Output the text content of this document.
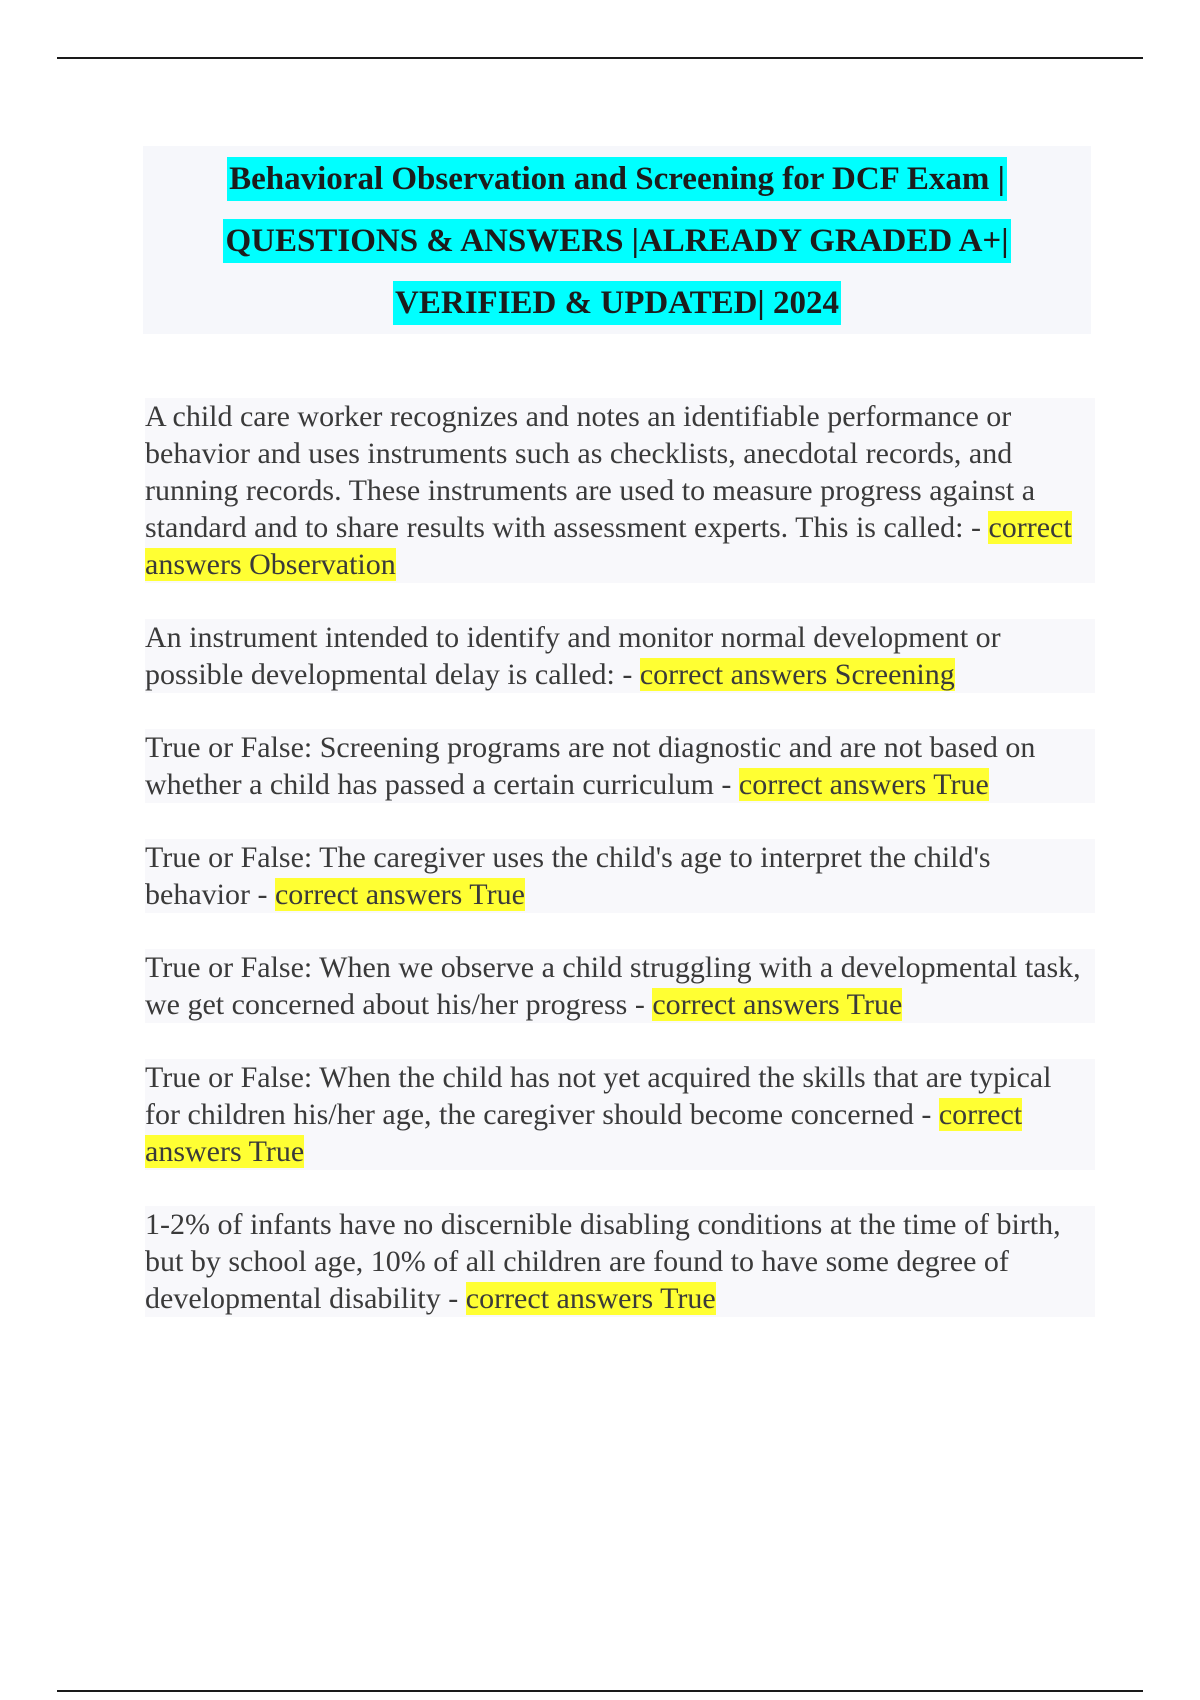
Behavioral Observation and Screening for DCF Exam |
QUESTIONS & ANSWERS |ALREADY GRADED A+|
VERIFIED & UPDATED| 2024

A child care worker recognizes and notes an identifiable performance or behavior and uses instruments such as checklists, anecdotal records, and running records. These instruments are used to measure progress against a standard and to share results with assessment experts. This is called: - correct answers Observation

An instrument intended to identify and monitor normal development or possible developmental delay is called: - correct answers Screening

True or False: Screening programs are not diagnostic and are not based on whether a child has passed a certain curriculum - correct answers True

True or False: The caregiver uses the child's age to interpret the child's behavior - correct answers True

True or False: When we observe a child struggling with a developmental task, we get concerned about his/her progress - correct answers True

True or False: When the child has not yet acquired the skills that are typical for children his/her age, the caregiver should become concerned - correct answers True

1-2% of infants have no discernible disabling conditions at the time of birth, but by school age, 10% of all children are found to have some degree of developmental disability - correct answers True
